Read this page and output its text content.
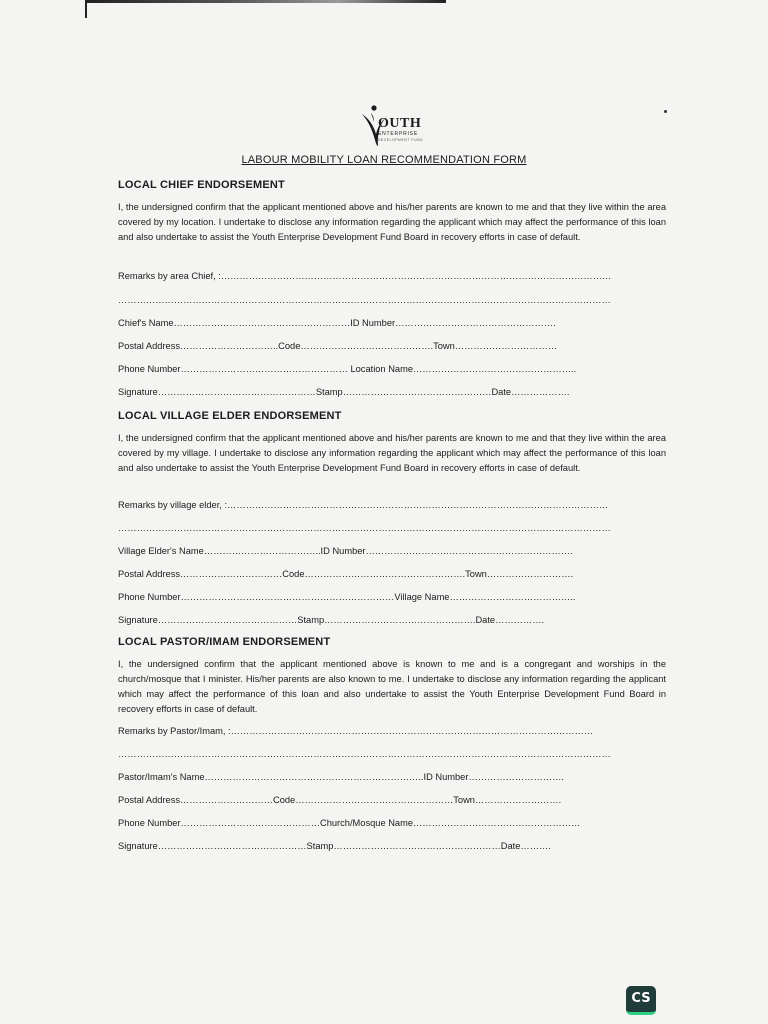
OUTH
ENTERPRISE
DEVELOPMENT FUND
LABOUR MOBILITY LOAN RECOMMENDATION FORM

LOCAL CHIEF ENDORSEMENT

I, the undersigned confirm that the applicant mentioned above and his/her parents are known to me and that they live within the area covered by my location. I undertake to disclose any information regarding the applicant which may affect the performance of this loan and also undertake to assist the Youth Enterprise Development Fund Board in recovery efforts in case of default.

Remarks by area Chief, :………………………………………………………………………………………………………………
……………………………………………………………………………………………………………………………………………
Chief's Name…………………………………………………ID Number…………………………………………….
Postal Address…………………………..Code…………………………………….Town……………………………
Phone Number……………………………………………… Location Name……………………………………………..
Signature……………………………………………Stamp…………………………………………Date……………….

LOCAL VILLAGE ELDER ENDORSEMENT

I, the undersigned confirm that the applicant mentioned above and his/her parents are known to me and that they live within the area covered by my village. I undertake to disclose any information regarding the applicant which may affect the performance of this loan and also undertake to assist the Youth Enterprise Development Fund Board in recovery efforts in case of default.

Remarks by village elder, :……………………………………………………………………………………………………………
……………………………………………………………………………………………………………………………………………
Village Elder's Name………………………………..ID Number………………………………………………………….
Postal Address……………………………Code…………………………………………….Town……………………….
Phone Number……………………………………………………………Village Name…………………………………..
Signature………………………………………Stamp………………………………………….Date…………….

LOCAL PASTOR/IMAM ENDORSEMENT

I, the undersigned confirm that the applicant mentioned above is known to me and is a congregant and worships in the church/mosque that I minister. His/her parents are also known to me. I undertake to disclose any information regarding the applicant which may affect the performance of this loan and also undertake to assist the Youth Enterprise Development Fund Board in recovery efforts in case of default.

Remarks by Pastor/Imam, :………………………………………………………………………………………………………
……………………………………………………………………………………………………………………………………………
Pastor/Imam's Name……………………………………………………………..ID Number………………………….
Postal Address…………………………Code……………………………………………Town……………………….
Phone Number………………………………………Church/Mosque Name………………………………………………
Signature…………………………………………Stamp………………………………………………Date……….
CS
